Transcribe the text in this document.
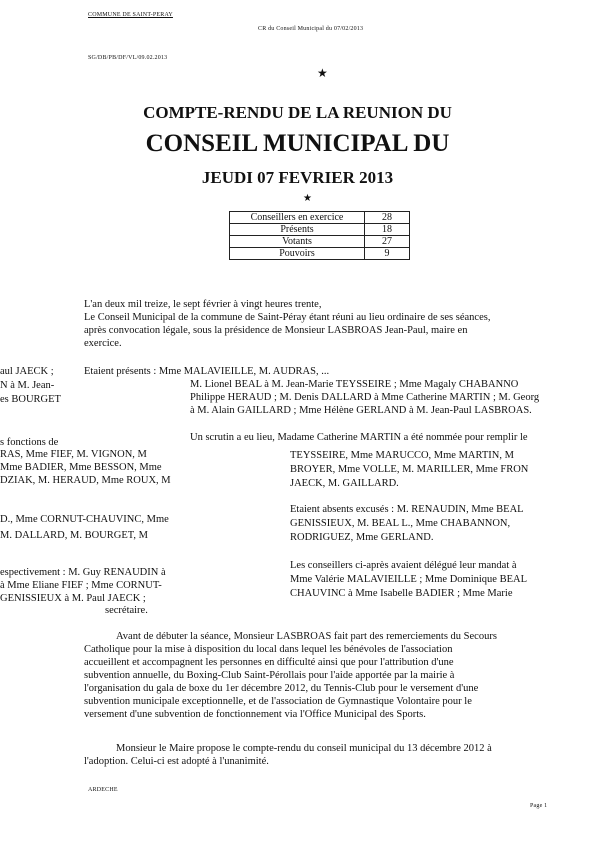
COMMUNE DE SAINT-PERAY
CR du Conseil Municipal du 07/02/2013
SG/DB/PB/DF/VL/09.02.2013
★
COMPTE-RENDU DE LA REUNION DU
CONSEIL MUNICIPAL DU
JEUDI 07 FEVRIER 2013
★
Conseillers en exercice	28
Présents	18
Votants	27
Pouvoirs	9
L'an deux mil treize, le sept février à vingt heures trente,
Le Conseil Municipal de la commune de Saint-Péray étant réuni au lieu ordinaire de ses séances,
après convocation légale, sous la présidence de Monsieur LASBROAS Jean-Paul, maire en
exercice.
aul JAECK ;
N à M. Jean-
es BOURGET
s fonctions de
RAS, Mme FIEF, M. VIGNON, M
Mme BADIER, Mme BESSON, Mme
DZIAK, M. HERAUD, Mme ROUX, M
D., Mme CORNUT-CHAUVINC, Mme
M. DALLARD, M. BOURGET, M
espectivement : M. Guy RENAUDIN à
à Mme Eliane FIEF ; Mme CORNUT-
GENISSIEUX à M. Paul JAECK ;
secrétaire.
Etaient présents : Mme MALAVIEILLE, M. AUDRAS, ...
M. Lionel BEAL à M. Jean-Marie TEYSSEIRE ; Mme Magaly CHABANNO
Philippe HERAUD ; M. Denis DALLARD à Mme Catherine MARTIN ; M. Georg
à M. Alain GAILLARD ; Mme Hélène GERLAND à M. Jean-Paul LASBROAS.
Un scrutin a eu lieu, Madame Catherine MARTIN a été nommée pour remplir le
TEYSSEIRE, Mme MARUCCO, Mme MARTIN, M
BROYER, Mme VOLLE, M. MARILLER, Mme FRON
JAECK, M. GAILLARD.
Etaient absents excusés : M. RENAUDIN, Mme BEAL
GENISSIEUX, M. BEAL L., Mme CHABANNON,
RODRIGUEZ, Mme GERLAND.
Les conseillers ci-après avaient délégué leur mandat à
Mme Valérie MALAVIEILLE ; Mme Dominique BEAL
CHAUVINC à Mme Isabelle BADIER ; Mme Marie
Avant de débuter la séance, Monsieur LASBROAS fait part des remerciements du Secours
Catholique pour la mise à disposition du local dans lequel les bénévoles de l'association
accueillent et accompagnent les personnes en difficulté ainsi que pour l'attribution d'une
subvention annuelle, du Boxing-Club Saint-Pérollais pour l'aide apportée par la mairie à
l'organisation du gala de boxe du 1er décembre 2012, du Tennis-Club pour le versement d'une
subvention municipale exceptionnelle, et de l'association de Gymnastique Volontaire pour le
versement d'une subvention de fonctionnement via l'Office Municipal des Sports.
Monsieur le Maire propose le compte-rendu du conseil municipal du 13 décembre 2012 à
l'adoption. Celui-ci est adopté à l'unanimité.
ARDECHE
Page 1
